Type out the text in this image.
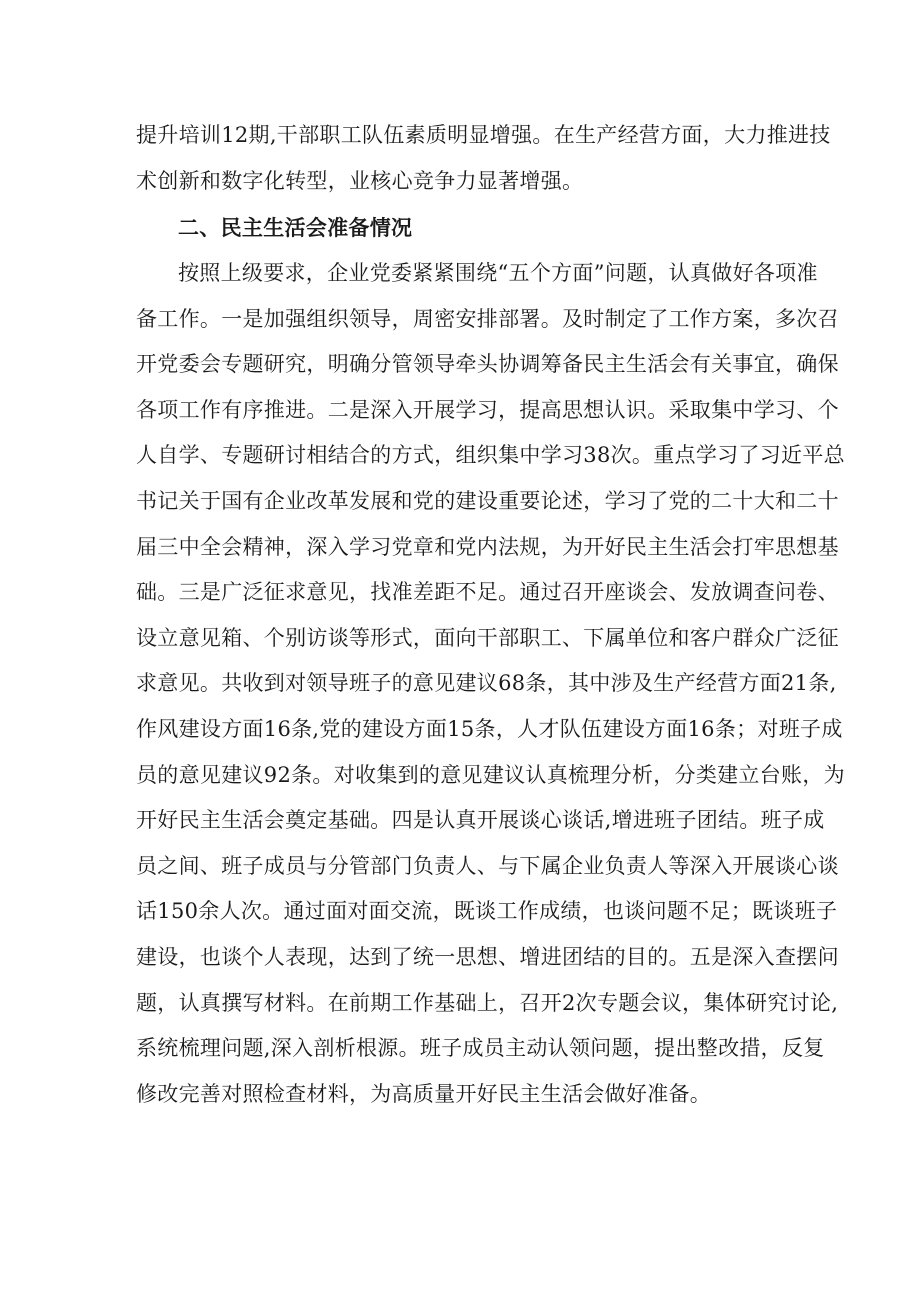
提升培训12期,干部职工队伍素质明显增强。在生产经营方面，大力推进技
术创新和数字化转型，业核心竞争力显著增强。
二、民主生活会准备情况
按照上级要求，企业党委紧紧围绕“五个方面”问题，认真做好各项准
备工作。一是加强组织领导，周密安排部署。及时制定了工作方案，多次召
开党委会专题研究，明确分管领导牵头协调筹备民主生活会有关事宜，确保
各项工作有序推进。二是深入开展学习，提高思想认识。采取集中学习、个
人自学、专题研讨相结合的方式，组织集中学习38次。重点学习了习近平总
书记关于国有企业改革发展和党的建设重要论述，学习了党的二十大和二十
届三中全会精神，深入学习党章和党内法规，为开好民主生活会打牢思想基
础。三是广泛征求意见，找准差距不足。通过召开座谈会、发放调查问卷、
设立意见箱、个别访谈等形式，面向干部职工、下属单位和客户群众广泛征
求意见。共收到对领导班子的意见建议68条，其中涉及生产经营方面21条,
作风建设方面16条,党的建设方面15条，人才队伍建设方面16条；对班子成
员的意见建议92条。对收集到的意见建议认真梳理分析，分类建立台账，为
开好民主生活会奠定基础。四是认真开展谈心谈话,增进班子团结。班子成
员之间、班子成员与分管部门负责人、与下属企业负责人等深入开展谈心谈
话150余人次。通过面对面交流，既谈工作成绩，也谈问题不足；既谈班子
建设，也谈个人表现，达到了统一思想、增进团结的目的。五是深入查摆问
题，认真撰写材料。在前期工作基础上，召开2次专题会议，集体研究讨论,
系统梳理问题,深入剖析根源。班子成员主动认领问题，提出整改措，反复
修改完善对照检查材料，为高质量开好民主生活会做好准备。
